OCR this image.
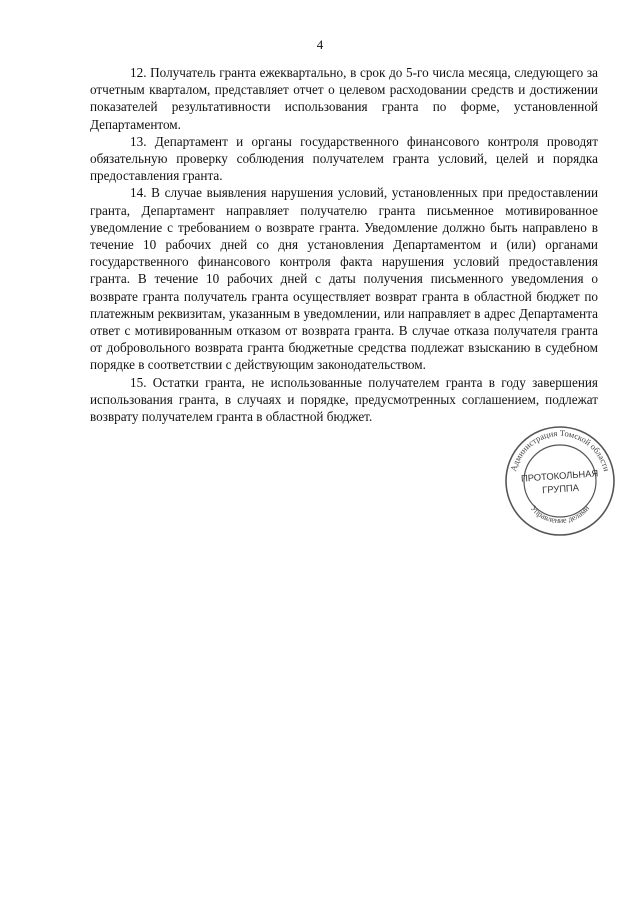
4

12. Получатель гранта ежеквартально, в срок до 5-го числа месяца, следующего за отчетным кварталом, представляет отчет о целевом расходовании средств и достижении показателей результативности использования гранта по форме, установленной Департаментом.

13. Департамент и органы государственного финансового контроля проводят обязательную проверку соблюдения получателем гранта условий, целей и порядка предоставления гранта.

14. В случае выявления нарушения условий, установленных при предоставлении гранта, Департамент направляет получателю гранта письменное мотивированное уведомление с требованием о возврате гранта. Уведомление должно быть направлено в течение 10 рабочих дней со дня установления Департаментом и (или) органами государственного финансового контроля факта нарушения условий предоставления гранта. В течение 10 рабочих дней с даты получения письменного уведомления о возврате гранта получатель гранта осуществляет возврат гранта в областной бюджет по платежным реквизитам, указанным в уведомлении, или направляет в адрес Департамента ответ с мотивированным отказом от возврата гранта. В случае отказа получателя гранта от добровольного возврата гранта бюджетные средства подлежат взысканию в судебном порядке в соответствии с действующим законодательством.

15. Остатки гранта, не использованные получателем гранта в году завершения использования гранта, в случаях и порядке, предусмотренных соглашением, подлежат возврату получателем гранта в областной бюджет.

Администрация Томской области
Управление делами
ПРОТОКОЛЬНАЯ
ГРУППА
